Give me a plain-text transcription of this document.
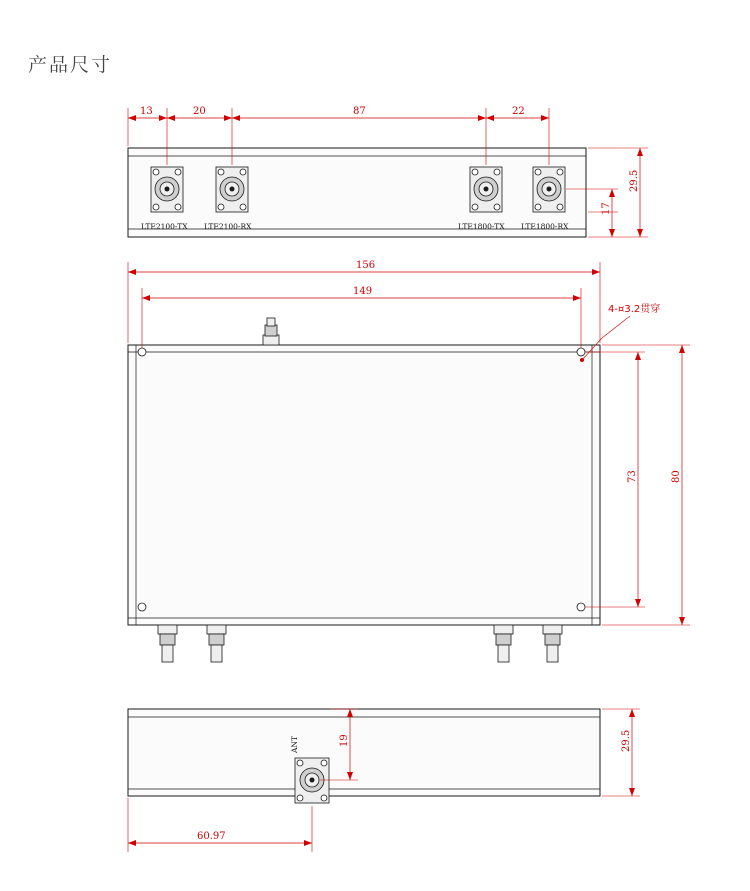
产品尺寸
LTE2100-TX LTE2100-RX	LTE1800-TX LTE1800-RX
13	20	87	22
29.5
17
156
149
73	80
4-¤3.2贯穿
ANT	19	29.5
60.97
